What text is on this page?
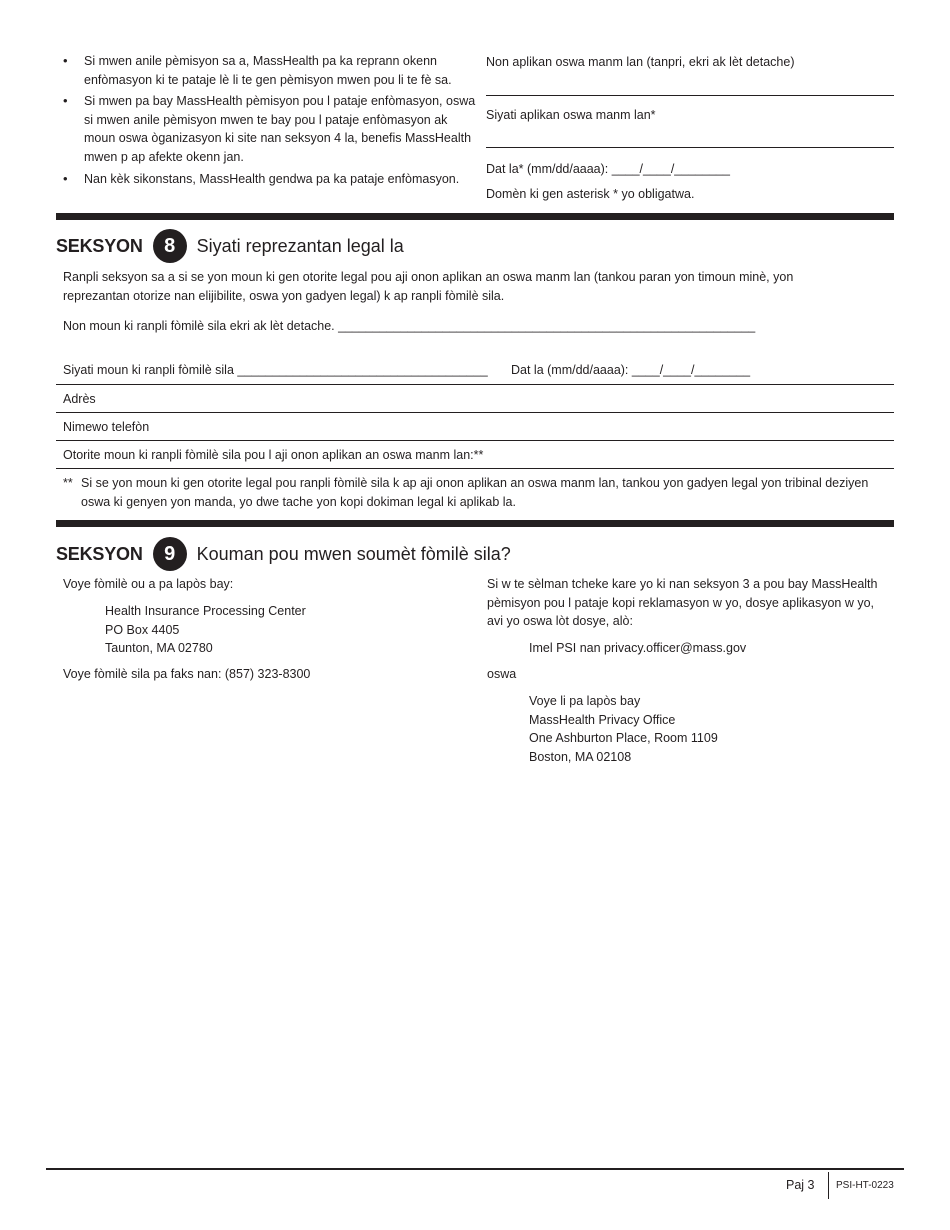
• Si mwen anile pèmisyon sa a, MassHealth pa ka reprann okenn enfòmasyon ki te pataje lè li te gen pèmisyon mwen pou li te fè sa.
• Si mwen pa bay MassHealth pèmisyon pou l pataje enfòmasyon, oswa si mwen anile pèmisyon mwen te bay pou l pataje enfòmasyon ak moun oswa òganizasyon ki site nan seksyon 4 la, benefis MassHealth mwen p ap afekte okenn jan.
• Nan kèk sikonstans, MassHealth gendwa pa ka pataje enfòmasyon.
Non aplikan oswa manm lan (tanpri, ekri ak lèt detache)
Siyati aplikan oswa manm lan*
Dat la* (mm/dd/aaaa): ____/____/________
Domèn ki gen asterisk * yo obligatwa.
SEKSYON	8	Siyati reprezantan legal la
Ranpli seksyon sa a si se yon moun ki gen otorite legal pou aji onon aplikan an oswa manm lan (tankou paran yon timoun minè, yon reprezantan otorize nan elijibilite, oswa yon gadyen legal) k ap ranpli fòmilè sila.
Non moun ki ranpli fòmilè sila ekri ak lèt detache. ____________________________________________________________
Siyati moun ki ranpli fòmilè sila ____________________________________ Dat la (mm/dd/aaaa): ____/____/________
Adrès
Nimewo telefòn
Otorite moun ki ranpli fòmilè sila pou l aji onon aplikan an oswa manm lan:**
** Si se yon moun ki gen otorite legal pou ranpli fòmilè sila k ap aji onon aplikan an oswa manm lan, tankou yon gadyen legal yon tribinal deziyen oswa ki genyen yon manda, yo dwe tache yon kopi dokiman legal ki aplikab la.
SEKSYON	9	Kouman pou mwen soumèt fòmilè sila?
Voye fòmilè ou a pa lapòs bay:
Health Insurance Processing Center
PO Box 4405
Taunton, MA 02780
Voye fòmilè sila pa faks nan: (857) 323-8300
Si w te sèlman tcheke kare yo ki nan seksyon 3 a pou bay MassHealth pèmisyon pou l pataje kopi reklamasyon w yo, dosye aplikasyon w yo, avi yo oswa lòt dosye, alò:
Imel PSI nan privacy.officer@mass.gov
oswa
Voye li pa lapòs bay
MassHealth Privacy Office
One Ashburton Place, Room 1109
Boston, MA 02108
Paj 3 PSI-HT-0223
